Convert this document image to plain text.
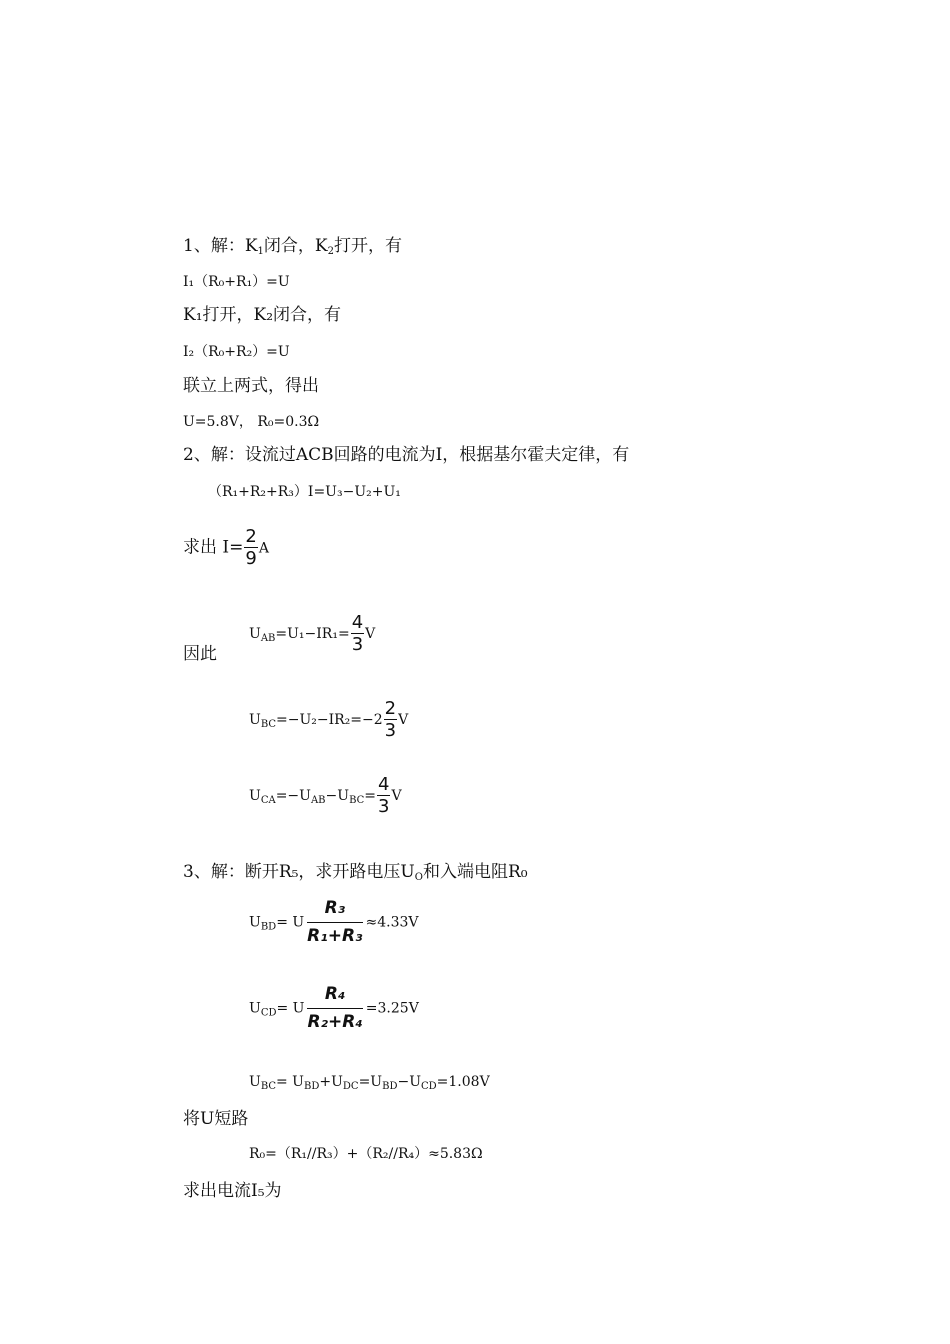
1、解：$K_1$闭合，$K_2$打开，有
I₁（R₀+R₁）=U
K₁打开，K₂闭合，有
I₂（R₀+R₂）=U
联立上两式，得出
U=5.8V， R₀=0.3Ω
2、解：设流过ACB回路的电流为I，根据基尔霍夫定律，有
（R₁+R₂+R₃）I=U₃−U₂+U₁
求出 $I= \frac{2}{9}$ A
因此
$U_{AB}=U_1-IR_1= \frac{4}{3}$ V
$U_{BC}=-U_2-IR_2=-2 \frac{2}{3}$ V
$U_{CA}=-U_{AB}-U_{BC}= \frac{4}{3}$ V
3、解：断开R₅，求开路电压$U_O$和入端电阻R₀
$U_{BD}= U \frac{\text{R₃}}{\text{R₁+R₃}} \approx 4.33V$
$U_{CD}= U \frac{\text{R₄}}{\text{R₂+R₄}} =3.25V$
$U_{BC}= U_{BD}+U_{DC}=U_{BD}-U_{CD}=1.08V$
将U短路
R₀=（R₁//R₃）+（R₂//R₄）≈5.83Ω
求出电流I₅为
